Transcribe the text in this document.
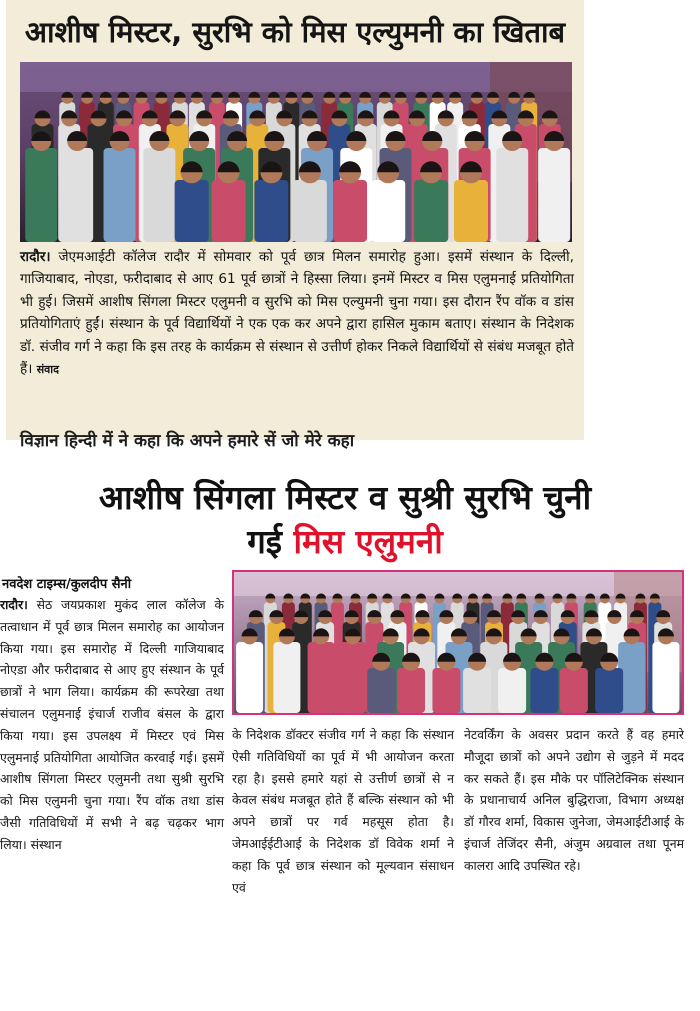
आशीष मिस्टर, सुरभि को मिस एल्युमनी का खिताब
रादौर। जेएमआईटी कॉलेज रादौर में सोमवार को पूर्व छात्र मिलन समारोह हुआ। इसमें संस्थान के दिल्ली, गाजियाबाद, नोएडा, फरीदाबाद से आए 61 पूर्व छात्रों ने हिस्सा लिया। इनमें मिस्टर व मिस एलुमनाई प्रतियोगिता भी हुई। जिसमें आशीष सिंगला मिस्टर एलुमनी व सुरभि को मिस एल्युमनी चुना गया। इस दौरान रैंप वॉक व डांस प्रतियोगिताएं हुईं। संस्थान के पूर्व विद्यार्थियों ने एक एक कर अपने द्वारा हासिल मुकाम बताए। संस्थान के निदेशक डॉ. संजीव गर्ग ने कहा कि इस तरह के कार्यक्रम से संस्थान से उत्तीर्ण होकर निकले विद्यार्थियों से संबंध मजबूत होते हैं। संवाद
विज्ञान हिन्दी में ने कहा कि अपने हमारे सें जो मेरे कहा
आशीष सिंगला मिस्टर व सुश्री सुरभि चुनी
गई मिस एलुमनी
नवदेश टाइम्स/कुलदीप सैनी
रादौर। सेठ जयप्रकाश मुकंद लाल कॉलेज के तत्वाधान में पूर्व छात्र मिलन समारोह का आयोजन किया गया। इस समारोह में दिल्ली गाजियाबाद नोएडा और फरीदाबाद से आए हुए संस्थान के पूर्व छात्रों ने भाग लिया। कार्यक्रम की रूपरेखा तथा संचालन एलुमनाई इंचार्ज राजीव बंसल के द्वारा किया गया। इस उपलक्ष्य में मिस्टर एवं मिस एलुमनाई प्रतियोगिता आयोजित करवाई गई। इसमें आशीष सिंगला मिस्टर एलुमनी तथा सुश्री सुरभि को मिस एलुमनी चुना गया। रैंप वॉक तथा डांस जैसी गतिविधियों में सभी ने बढ़ चढ़कर भाग लिया। संस्थान
के निदेशक डॉक्टर संजीव गर्ग ने कहा कि संस्थान ऐसी गतिविधियों का पूर्व में भी आयोजन करता रहा है। इससे हमारे यहां से उत्तीर्ण छात्रों से न केवल संबंध मजबूत होते हैं बल्कि संस्थान को भी अपने छात्रों पर गर्व महसूस होता है। जेमआईईटीआई के निदेशक डॉ विवेक शर्मा ने कहा कि पूर्व छात्र संस्थान को मूल्यवान संसाधन एवं
नेटवर्किंग के अवसर प्रदान करते हैं वह हमारे मौजूदा छात्रों को अपने उद्योग से जुड़ने में मदद कर सकते हैं। इस मौके पर पॉलिटेक्निक संस्थान के प्रधानाचार्य अनिल बुद्धिराजा, विभाग अध्यक्ष डॉ गौरव शर्मा, विकास जुनेजा, जेमआईटीआई के इंचार्ज तेजिंदर सैनी, अंजुम अग्रवाल तथा पूनम कालरा आदि उपस्थित रहे।
